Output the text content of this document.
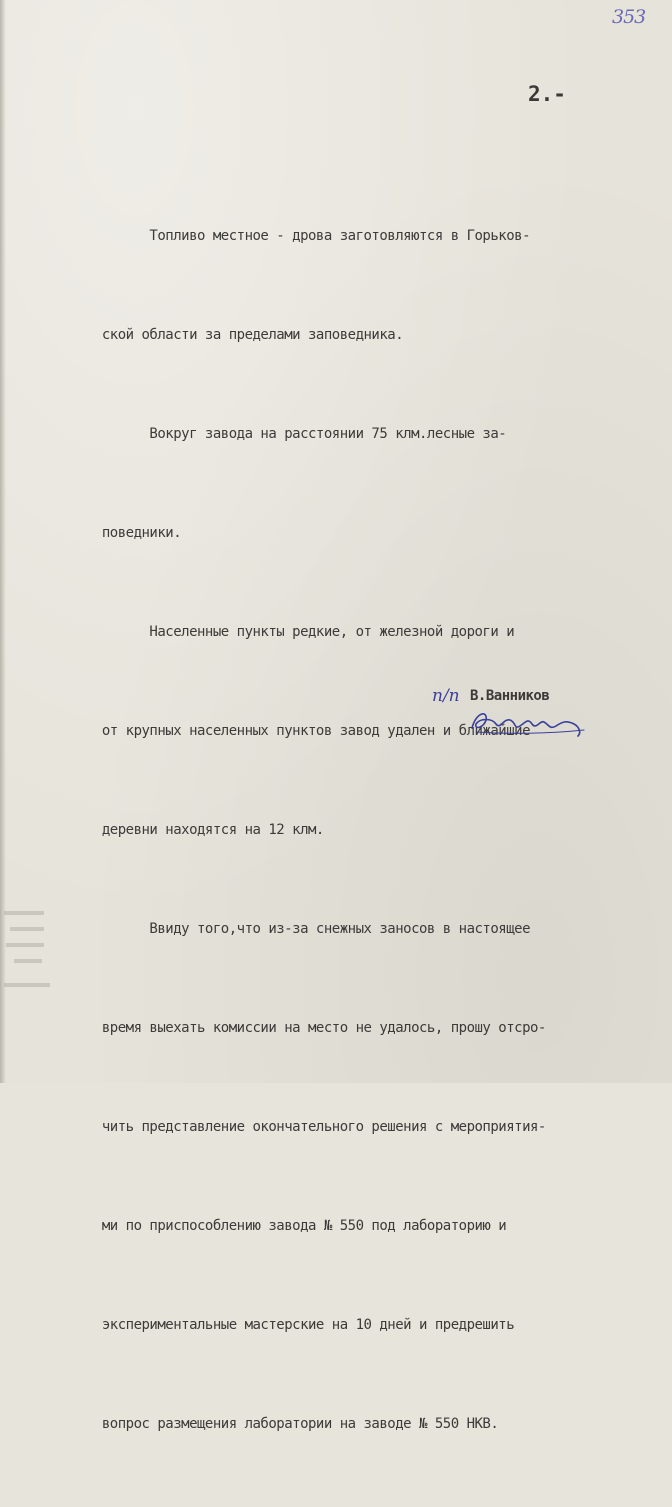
353
2.-

Топливо местное - дрова заготовляются в Горьков-

ской области за пределами заповедника.

Вокруг завода на расстоянии 75 клм.лесные за-

поведники.

Населенные пункты редкие, от железной дороги и

от крупных населенных пунктов завод удален и ближайшие

деревни находятся на 12 клм.

Ввиду того,что из-за снежных заносов в настоящее

время выехать комиссии на место не удалось, прошу отсро-

чить представление окончательного решения с мероприятия-

ми по приспособлению завода № 550 под лабораторию и

экспериментальные мастерские на 10 дней и предрешить

вопрос размещения лаборатории на заводе № 550 НКВ.

п/п В.Ванников
